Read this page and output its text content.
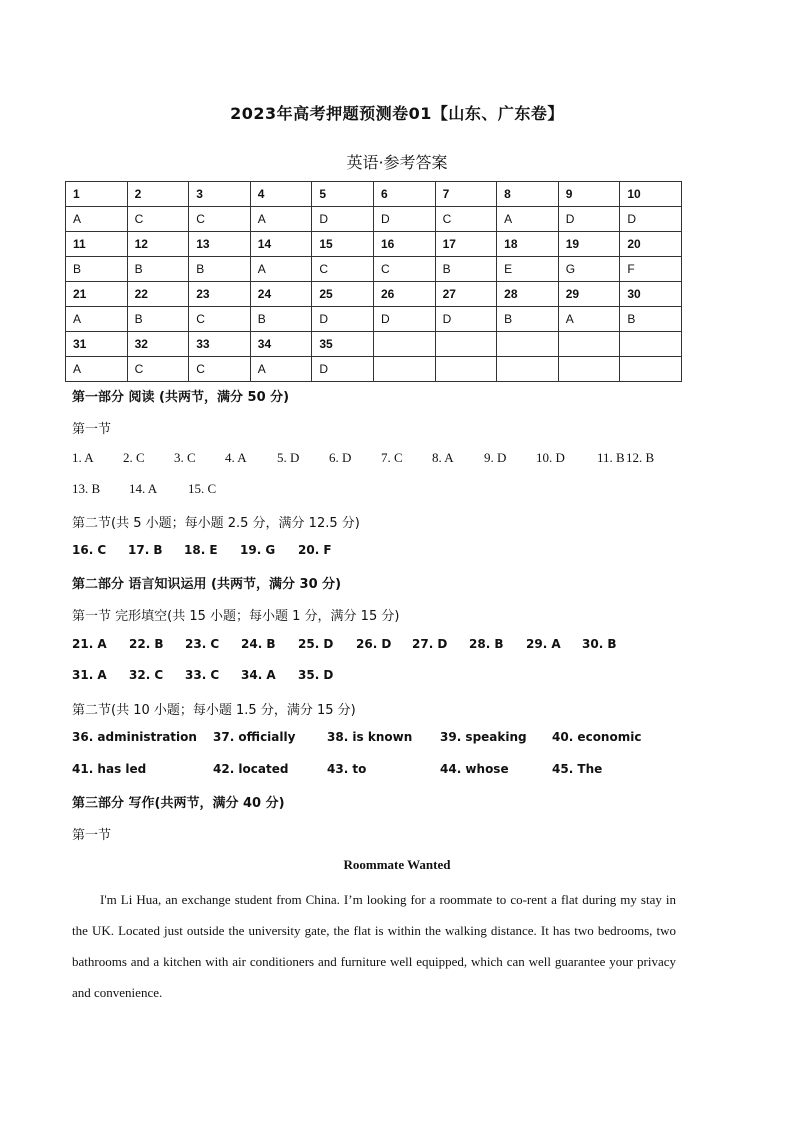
2023年高考押题预测卷01【山东、广东卷】
英语·参考答案
1	2	3	4	5	6	7	8	9	10
A	C	C	A	D	D	C	A	D	D
11	12	13	14	15	16	17	18	19	20
B	B	B	A	C	C	B	E	G	F
21	22	23	24	25	26	27	28	29	30
A	B	C	B	D	D	D	B	A	B
31	32	33	34	35					
A	C	C	A	D					
第一部分 阅读 (共两节，满分 50 分)
第一节
1. A 2. C 3. C 4. A 5. D 6. D 7. C 8. A 9. D 10. D 11. B12. B
13. B 14. A 15. C
第二节(共 5 小题；每小题 2.5 分，满分 12.5 分)
16. C 17. B 18. E 19. G 20. F
第二部分 语言知识运用 (共两节，满分 30 分)
第一节 完形填空(共 15 小题；每小题 1 分，满分 15 分)
21. A 22. B 23. C 24. B 25. D 26. D 27. D 28. B 29. A 30. B
31. A 32. C 33. C 34. A 35. D
第二节(共 10 小题；每小题 1.5 分，满分 15 分)
36. administration 37. officially	38. is known 39. speaking 40. economic
41. has led	42. located	43. to	44. whose	45. The
第三部分 写作(共两节，满分 40 分)
第一节
Roommate Wanted

I'm Li Hua, an exchange student from China. I’m looking for a roommate to co-rent a flat during my stay in the UK. Located just outside the university gate, the flat is within the walking distance. It has two bedrooms, two bathrooms and a kitchen with air conditioners and furniture well equipped, which can well guarantee your privacy and convenience.
